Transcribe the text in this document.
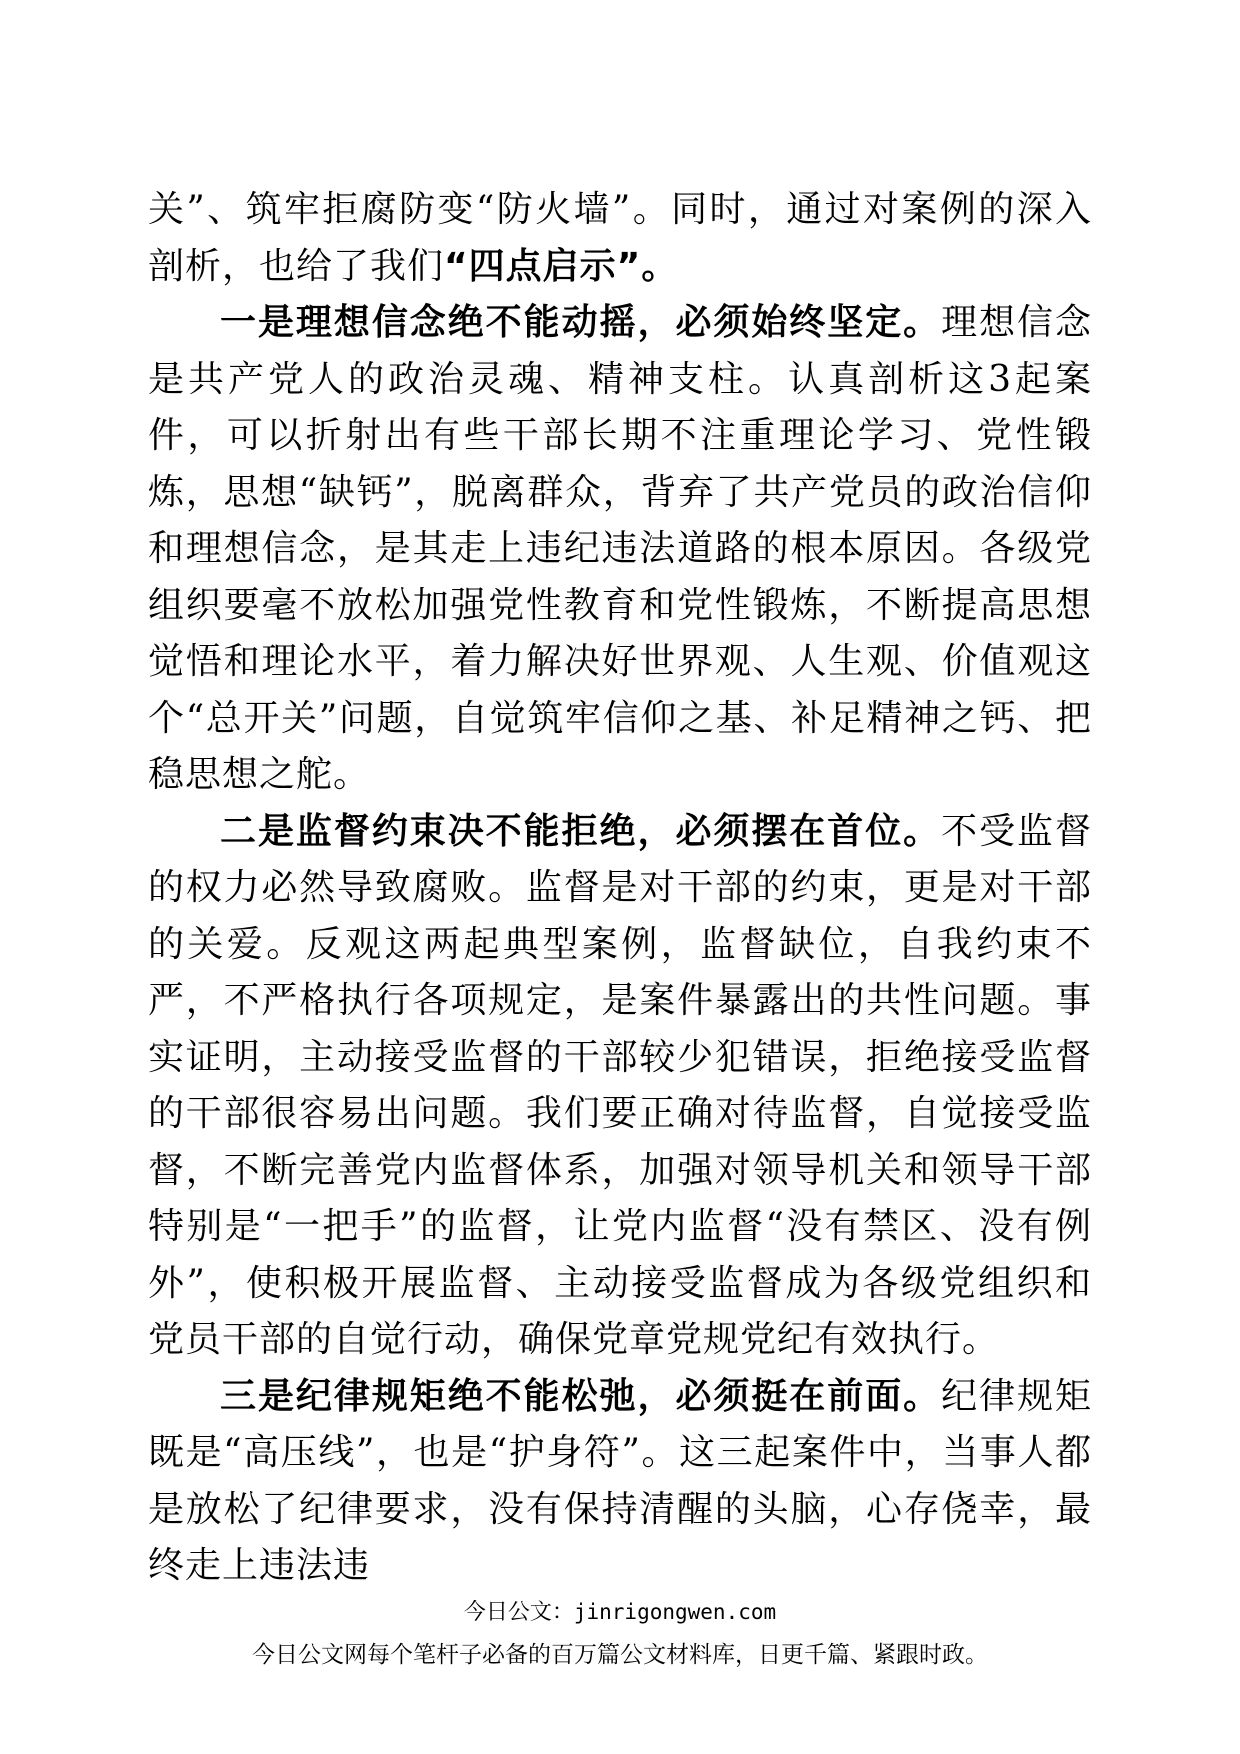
关”、筑牢拒腐防变“防火墙”。同时，通过对案例的深入剖析，也给了我们“四点启示”。

一是理想信念绝不能动摇，必须始终坚定。理想信念是共产党人的政治灵魂、精神支柱。认真剖析这3起案件，可以折射出有些干部长期不注重理论学习、党性锻炼，思想“缺钙”，脱离群众，背弃了共产党员的政治信仰和理想信念，是其走上违纪违法道路的根本原因。各级党组织要毫不放松加强党性教育和党性锻炼，不断提高思想觉悟和理论水平，着力解决好世界观、人生观、价值观这个“总开关”问题，自觉筑牢信仰之基、补足精神之钙、把稳思想之舵。

二是监督约束决不能拒绝，必须摆在首位。不受监督的权力必然导致腐败。监督是对干部的约束，更是对干部的关爱。反观这两起典型案例，监督缺位，自我约束不严，不严格执行各项规定，是案件暴露出的共性问题。事实证明，主动接受监督的干部较少犯错误，拒绝接受监督的干部很容易出问题。我们要正确对待监督，自觉接受监督，不断完善党内监督体系，加强对领导机关和领导干部特别是“一把手”的监督，让党内监督“没有禁区、没有例外”，使积极开展监督、主动接受监督成为各级党组织和党员干部的自觉行动，确保党章党规党纪有效执行。

三是纪律规矩绝不能松弛，必须挺在前面。纪律规矩既是“高压线”，也是“护身符”。这三起案件中，当事人都是放松了纪律要求，没有保持清醒的头脑，心存侥幸，最终走上违法违

今日公文：jinrigongwen.com
今日公文网每个笔杆子必备的百万篇公文材料库，日更千篇、紧跟时政。
